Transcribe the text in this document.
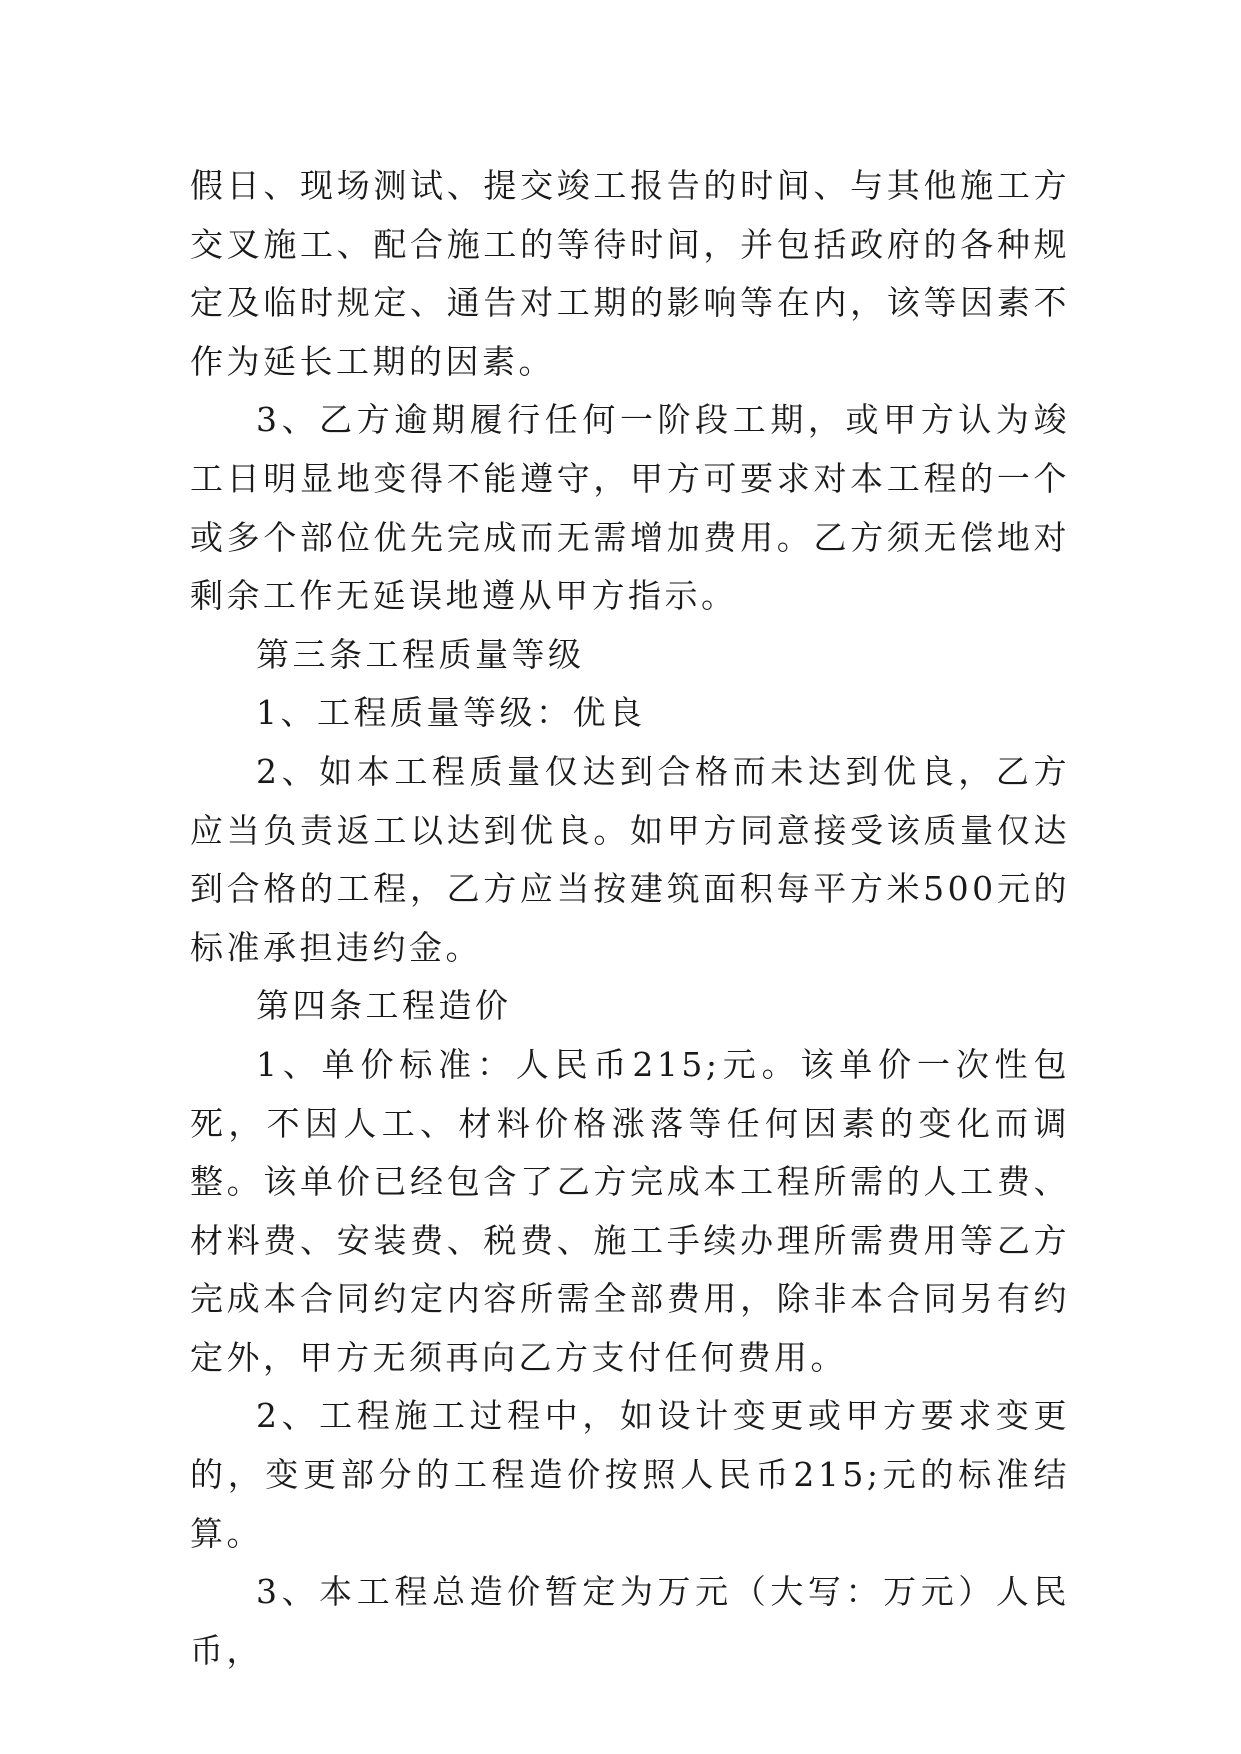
假日、现场测试、提交竣工报告的时间、与其他施工方交叉施工、配合施工的等待时间，并包括政府的各种规定及临时规定、通告对工期的影响等在内，该等因素不作为延长工期的因素。

3、乙方逾期履行任何一阶段工期，或甲方认为竣工日明显地变得不能遵守，甲方可要求对本工程的一个或多个部位优先完成而无需增加费用。乙方须无偿地对剩余工作无延误地遵从甲方指示。

第三条工程质量等级

1、工程质量等级：优良

2、如本工程质量仅达到合格而未达到优良，乙方应当负责返工以达到优良。如甲方同意接受该质量仅达到合格的工程，乙方应当按建筑面积每平方米500元的标准承担违约金。

第四条工程造价

1、单价标准：人民币215;元。该单价一次性包死，不因人工、材料价格涨落等任何因素的变化而调整。该单价已经包含了乙方完成本工程所需的人工费、材料费、安装费、税费、施工手续办理所需费用等乙方完成本合同约定内容所需全部费用，除非本合同另有约定外，甲方无须再向乙方支付任何费用。

2、工程施工过程中，如设计变更或甲方要求变更的，变更部分的工程造价按照人民币215;元的标准结算。

3、本工程总造价暂定为万元（大写：万元）人民币，
